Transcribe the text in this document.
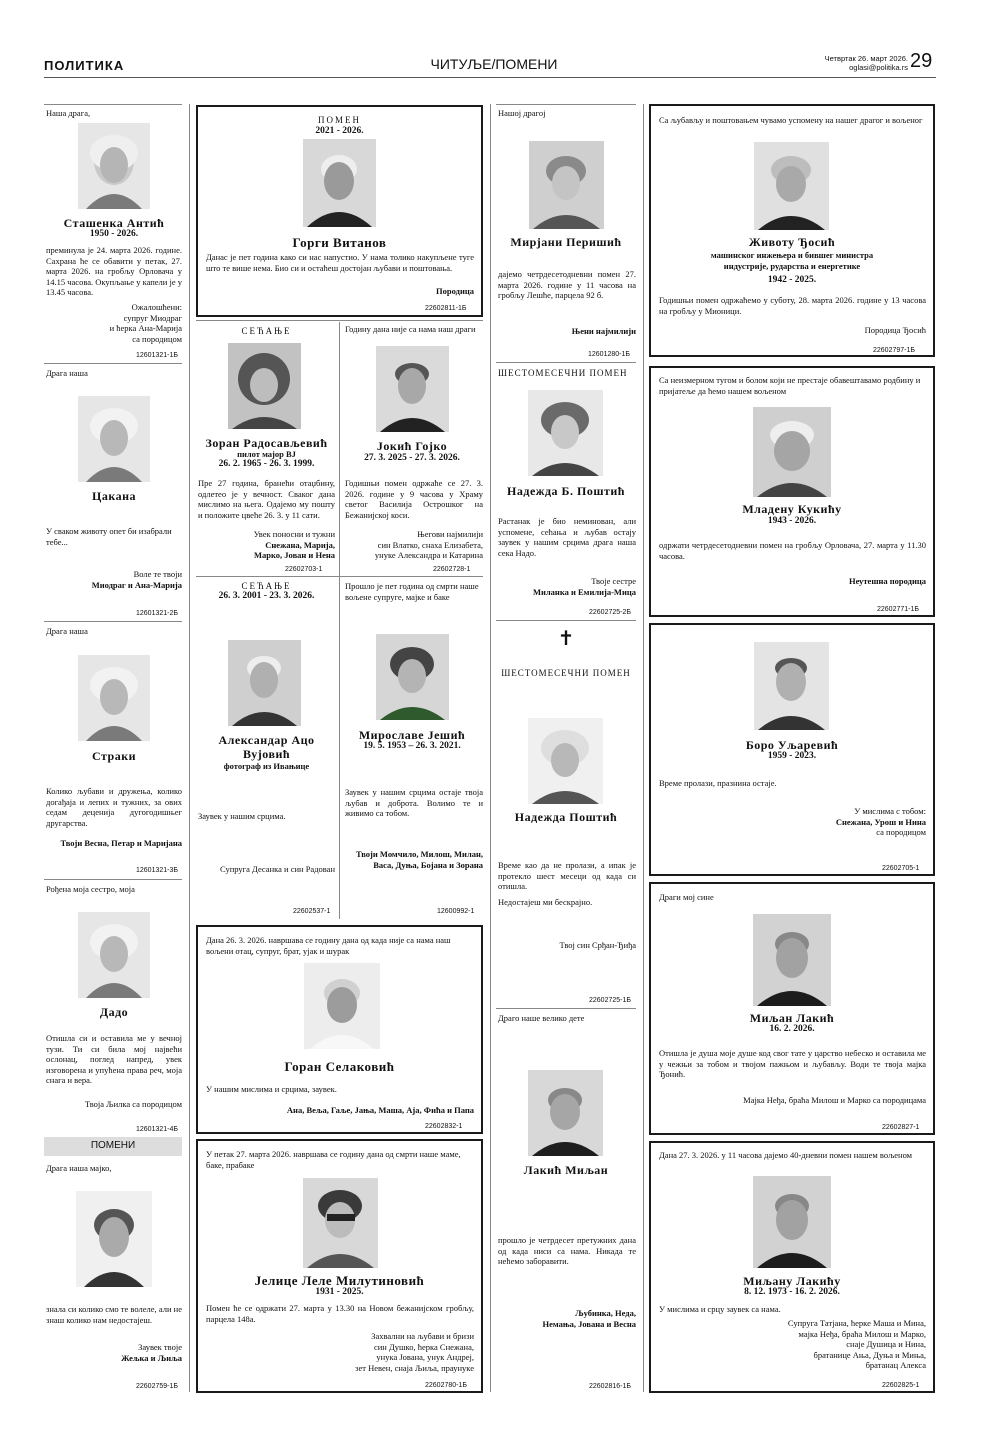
ПОЛИТИКА	ЧИТУЉЕ/ПОМЕНИ	Четвртак 26. март 2026.
oglasi@politika.rs 29
Наша драга,
Сташенка Антић
1950 - 2026.
преминула је 24. марта 2026. године. Сахрана ће се обавити у петак, 27. марта 2026. на гробљу Орловача у 14.15 часова. Окупљање у капели је у 13.45 часова.
Ожалошћени:
супруг Миодраг
и ћерка Ана-Марија
са породицом
12601321-1Б
Драга наша
Цакана
У сваком животу опет би изабрали тебе...
Воле те твоји
Миодраг и Ана-Марија
12601321-2Б
Драга наша
Страки
Колико љубави и дружења, колико догађаја и лепих и тужних, за ових седам деценија дугогодишњег другарства.
Твоји Весна, Петар и Маријана
12601321-3Б
Рођена моја сестро, моја
Дадо
Отишла си и оставила ме у вечној тузи. Ти си била мој највећи ослонац, поглед напред, увек изговорена и упућена права реч, моја снага и вера.
Твоја Љилка са породицом
12601321-4Б
ПОМЕНИ
Драга наша мајко,
знала си колико смо те волеле, али не знаш колико нам недостајеш.
Заувек твоје
Жељка и Љиља
22602759-1Б
ПОМЕН
2021 - 2026.
Горги Витанов
Данас је пет година како си нас напустио. У нама толико накупљене туге што те више нема. Био си и остаћеш достојан љубави и поштовања.
Породица
22602811-1Б
СЕЋАЊЕ
Зоран Радосављевић
пилот мајор ВЈ
26. 2. 1965 - 26. 3. 1999.
Пре 27 година, бранећи отаџбину, одлетео је у вечност. Сваког дана мислимо на њега. Одајемо му пошту и положите цвеће 26. 3. у 11 сати.
Увек поносни и тужни
Снежана, Марија,
Марко, Јован и Нена
22602703-1
Годину дана није са нама наш драги
Јокић Гојко
27. 3. 2025 - 27. 3. 2026.
Годишњи помен одржаће се 27. 3. 2026. године у 9 часова у Храму светог Василија Острошког на Бежанијској коси.
Његови најмилији
син Влатко, снаха Елизабета,
унуке Александра и Катарина
22602728-1
СЕЋАЊЕ
26. 3. 2001 - 23. 3. 2026.
Александар Ацо
Вујовић
фотограф из Ивањице
Заувек у нашим срцима.
Супруга Десанка и син Радован
22602537-1
Прошло је пет година од смрти наше вољене супруге, мајке и баке
Мирославе Јешић
19. 5. 1953 – 26. 3. 2021.
Заувек у нашим срцима остаје твоја љубав и доброта. Волимо те и живимо са тобом.
Твоји Момчило, Милош, Милан,
Васа, Дуња, Бојана и Зорана
12600992-1
Дана 26. 3. 2026. навршава се годину дана од када није са нама наш вољени отац, супруг, брат, ујак и шурак
Горан Селаковић
У нашим мислима и срцима, заувек.
Ана, Веља, Гаље, Јања, Маша, Аја, Фића и Папа
22602832-1
У петак 27. марта 2026. навршава се годину дана од смрти наше маме, баке, прабаке
Јелице Леле Милутиновић
1931 - 2025.
Помен ће се одржати 27. марта у 13.30 на Новом бежанијском гробљу, парцела 148а.
Захвални на љубави и бризи
син Душко, ћерка Снежана,
унука Јована, унук Андреј,
зет Невен, снаја Љиља, праунуке
22602780-1Б
Нашој драгој
Мирјани Перишић
дајемо четрдесетодневни помен 27. марта 2026. године у 11 часова на гробљу Лешће, парцела 92 б.
Њени најмилији
12601280-1Б
ШЕСТОМЕСЕЧНИ ПОМЕН
Надежда Б. Поштић
Растанак је био неминован, али успомене, сећања и љубав остају заувек у нашим срцима драга наша сека Надо.
Твоје сестре
Миланка и Емилија-Мица
22602725-2Б
✝
ШЕСТОМЕСЕЧНИ ПОМЕН
Надежда Поштић
Време као да не пролази, а ипак је протекло шест месеци од када си отишла.
Недостајеш ми бескрајно.
Твој син Срђан-Ђиђа
22602725-1Б
Драго наше велико дете
Лакић Миљан
прошло је четрдесет претужних дана од када ниси са нама. Никада те нећемо заборавити.
Љубинка, Неда,
Немања, Јована и Весна
22602816-1Б
Са љубављу и поштовањем чувамо успомену на нашег драгог и вољеног
Животу Ђосић
машинског инжењера и бившег министра
индустрије, рударства и енергетике
1942 - 2025.
Годишњи помен одржаћемо у суботу, 28. марта 2026. године у 13 часова на гробљу у Мионици.
Породица Ђосић
22602797-1Б
Са неизмерном тугом и болом који не престаје обавештавамо родбину и пријатеље да ћемо нашем вољеном
Младену Кукићу
1943 - 2026.
одржати четрдесетодневни помен на гробљу Орловача, 27. марта у 11.30 часова.
Неутешна породица
22602771-1Б
Боро Уљаревић
1959 - 2023.
Време пролази, празнина остаје.
У мислима с тобом:
Снежана, Урош и Нина
са породицом
22602705-1
Драги мој сине
Миљан Лакић
16. 2. 2026.
Отишла је душа моје душе код свог тате у царство небеско и оставила ме у чежњи за тобом и твојом пажњом и љубављу. Води те твоја мајка Ђонић.
Мајка Неђа, браћа Милош и Марко са породицама
22602827-1
Дана 27. 3. 2026. у 11 часова дајемо 40-дневни помен нашем вољеном
Миљану Лакићу
8. 12. 1973 - 16. 2. 2026.
У мислима и срцу заувек са нама.
Супруга Татјана, ћерке Маша и Мина,
мајка Неђа, браћа Милош и Марко,
снаје Душица и Нина,
братанице Ања, Дуња и Миња,
братанац Алекса
22602825-1
